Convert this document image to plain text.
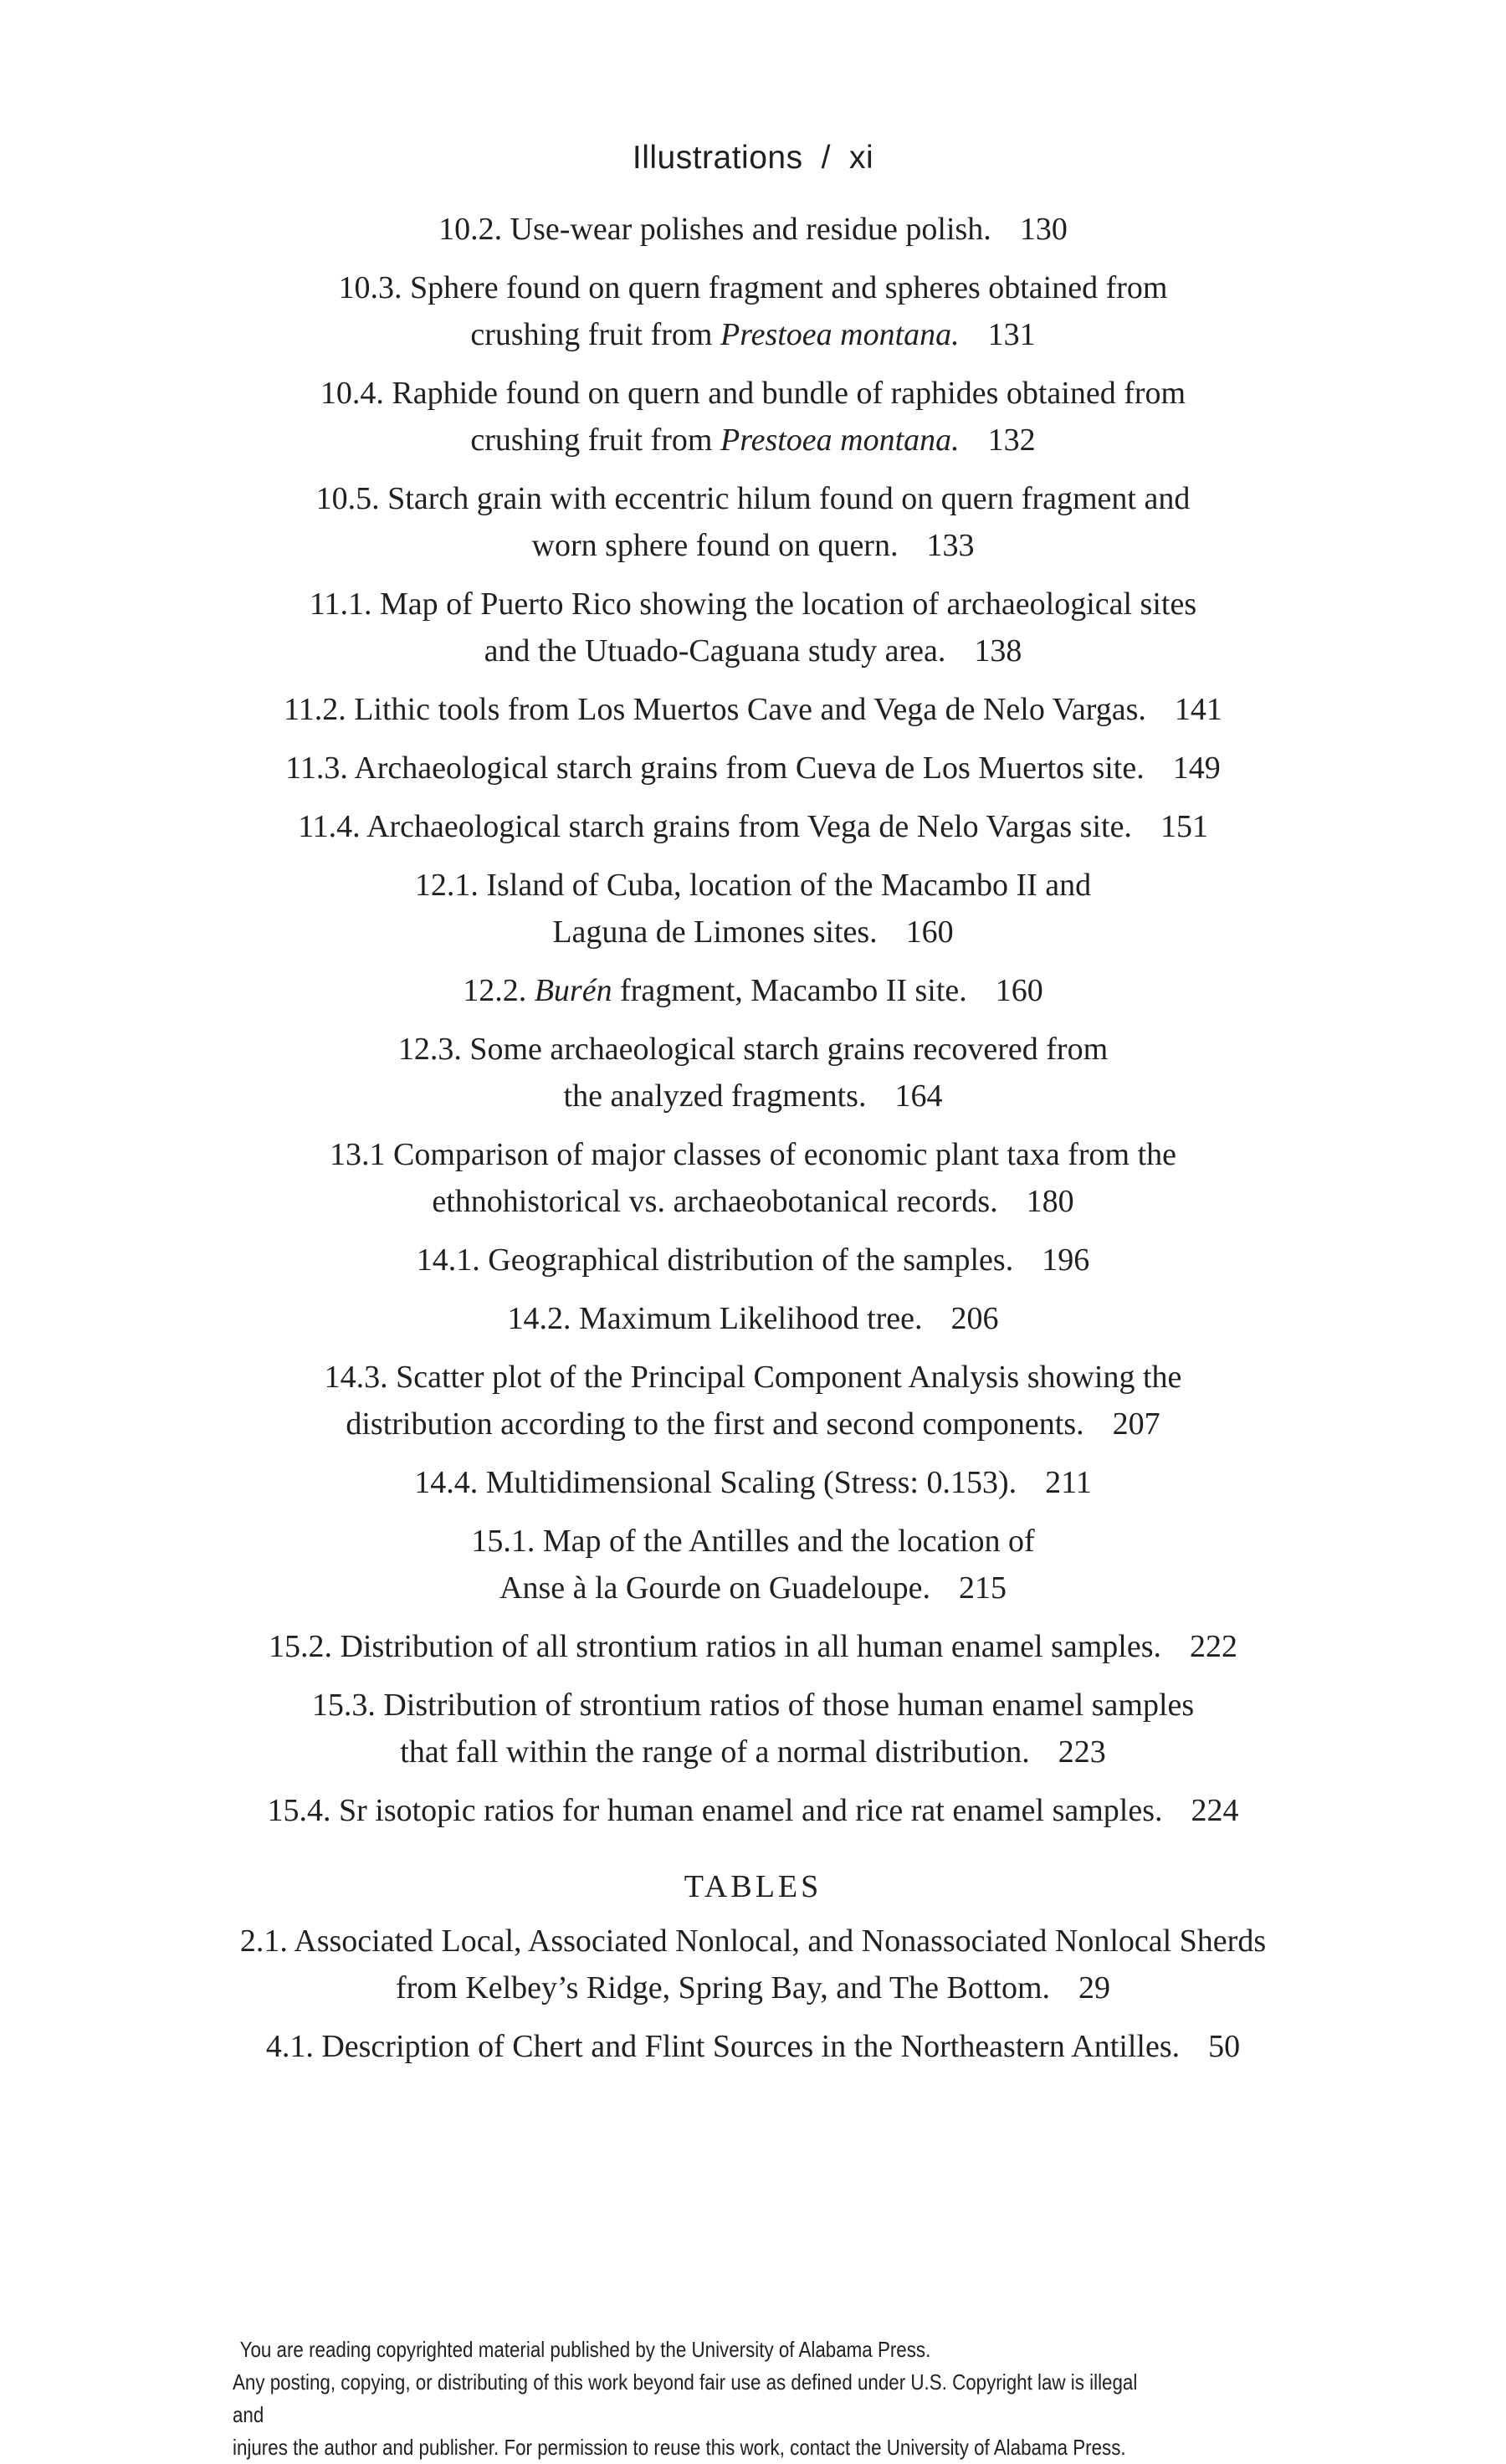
Illustrations / xi
10.2. Use-wear polishes and residue polish. 130
10.3. Sphere found on quern fragment and spheres obtained from
crushing fruit from Prestoea montana. 131
10.4. Raphide found on quern and bundle of raphides obtained from
crushing fruit from Prestoea montana. 132
10.5. Starch grain with eccentric hilum found on quern fragment and
worn sphere found on quern. 133
11.1. Map of Puerto Rico showing the location of archaeological sites
and the Utuado-Caguana study area. 138
11.2. Lithic tools from Los Muertos Cave and Vega de Nelo Vargas. 141
11.3. Archaeological starch grains from Cueva de Los Muertos site. 149
11.4. Archaeological starch grains from Vega de Nelo Vargas site. 151
12.1. Island of Cuba, location of the Macambo II and
Laguna de Limones sites. 160
12.2. Burén fragment, Macambo II site. 160
12.3. Some archaeological starch grains recovered from
the analyzed fragments. 164
13.1 Comparison of major classes of economic plant taxa from the
ethnohistorical vs. archaeobotanical records. 180
14.1. Geographical distribution of the samples. 196
14.2. Maximum Likelihood tree. 206
14.3. Scatter plot of the Principal Component Analysis showing the
distribution according to the first and second components. 207
14.4. Multidimensional Scaling (Stress: 0.153). 211
15.1. Map of the Antilles and the location of
Anse à la Gourde on Guadeloupe. 215
15.2. Distribution of all strontium ratios in all human enamel samples. 222
15.3. Distribution of strontium ratios of those human enamel samples
that fall within the range of a normal distribution. 223
15.4. Sr isotopic ratios for human enamel and rice rat enamel samples. 224
TABLES
2.1. Associated Local, Associated Nonlocal, and Nonassociated Nonlocal Sherds
from Kelbey’s Ridge, Spring Bay, and The Bottom. 29
4.1. Description of Chert and Flint Sources in the Northeastern Antilles. 50
You are reading copyrighted material published by the University of Alabama Press.
Any posting, copying, or distributing of this work beyond fair use as defined under U.S. Copyright law is illegal and
injures the author and publisher. For permission to reuse this work, contact the University of Alabama Press.
